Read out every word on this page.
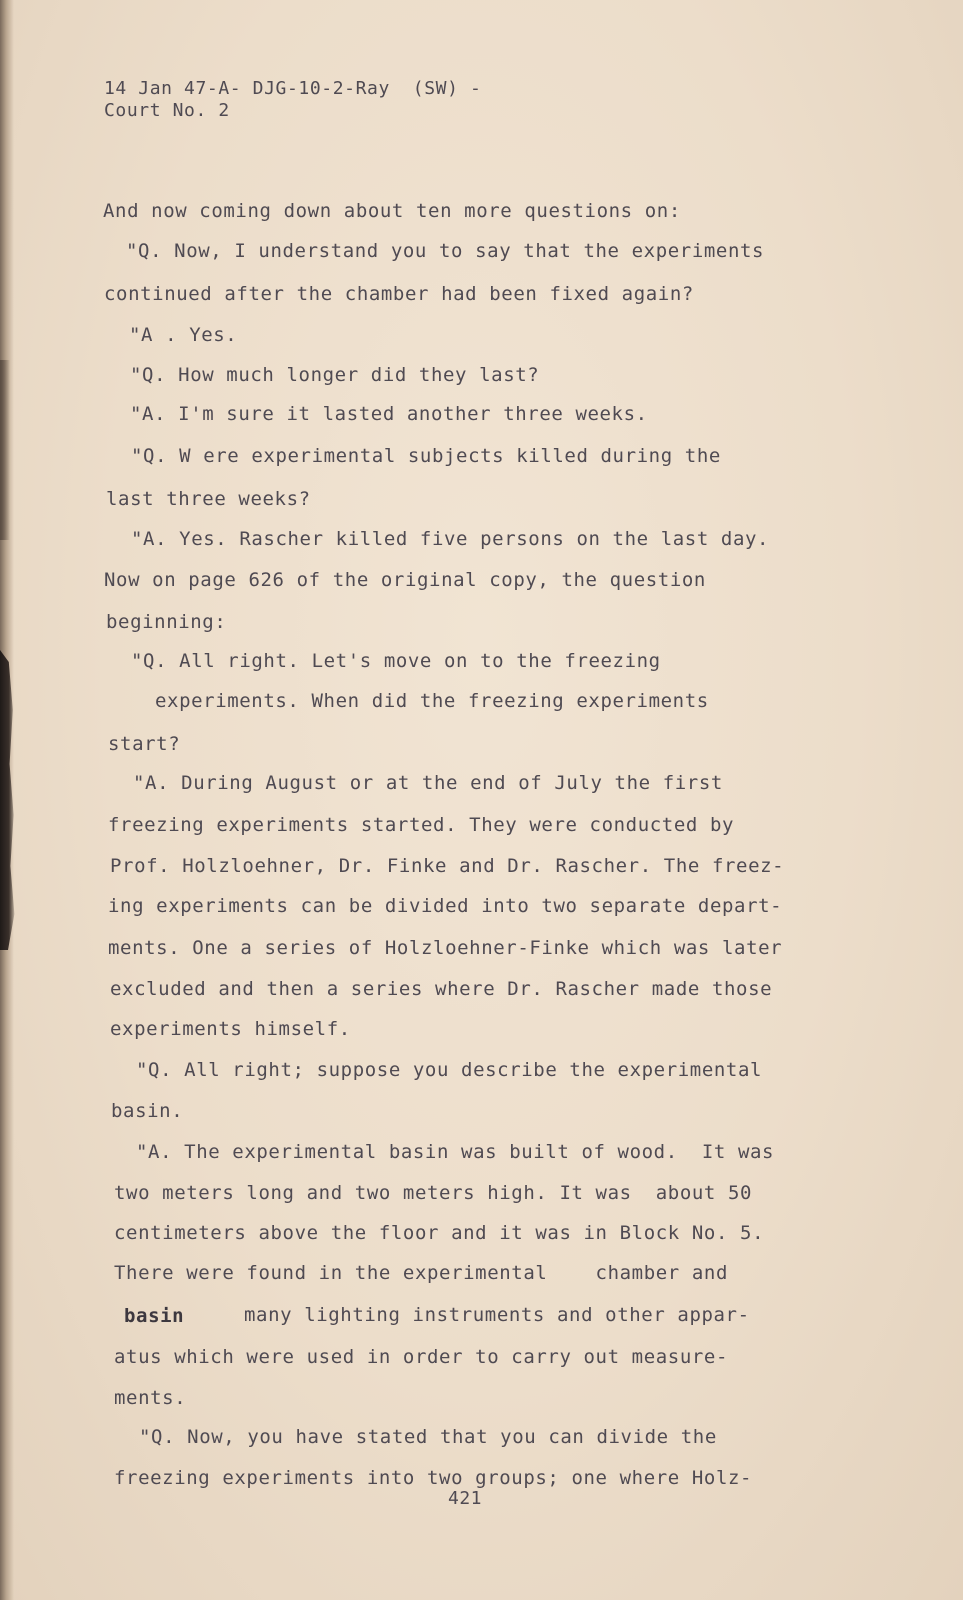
14 Jan 47-A- DJG-10-2-Ray  (SW) -
Court No. 2
And now coming down about ten more questions on:
"Q. Now, I understand you to say that the experiments
continued after the chamber had been fixed again?
"A . Yes.
"Q. How much longer did they last?
"A. I'm sure it lasted another three weeks.
"Q. W ere experimental subjects killed during the
last three weeks?
"A. Yes. Rascher killed five persons on the last day.
Now on page 626 of the original copy, the question
beginning:
"Q. All right. Let's move on to the freezing
experiments. When did the freezing experiments
start?
"A. During August or at the end of July the first
freezing experiments started. They were conducted by
Prof. Holzloehner, Dr. Finke and Dr. Rascher. The freez-
ing experiments can be divided into two separate depart-
ments. One a series of Holzloehner-Finke which was later
excluded and then a series where Dr. Rascher made those
experiments himself.
"Q. All right; suppose you describe the experimental
basin.
"A. The experimental basin was built of wood.  It was
two meters long and two meters high. It was  about 50
centimeters above the floor and it was in Block No. 5.
There were found in the experimental    chamber and
basin	many lighting instruments and other appar-
atus which were used in order to carry out measure-
ments.
"Q. Now, you have stated that you can divide the
freezing experiments into two groups; one where Holz-
421
